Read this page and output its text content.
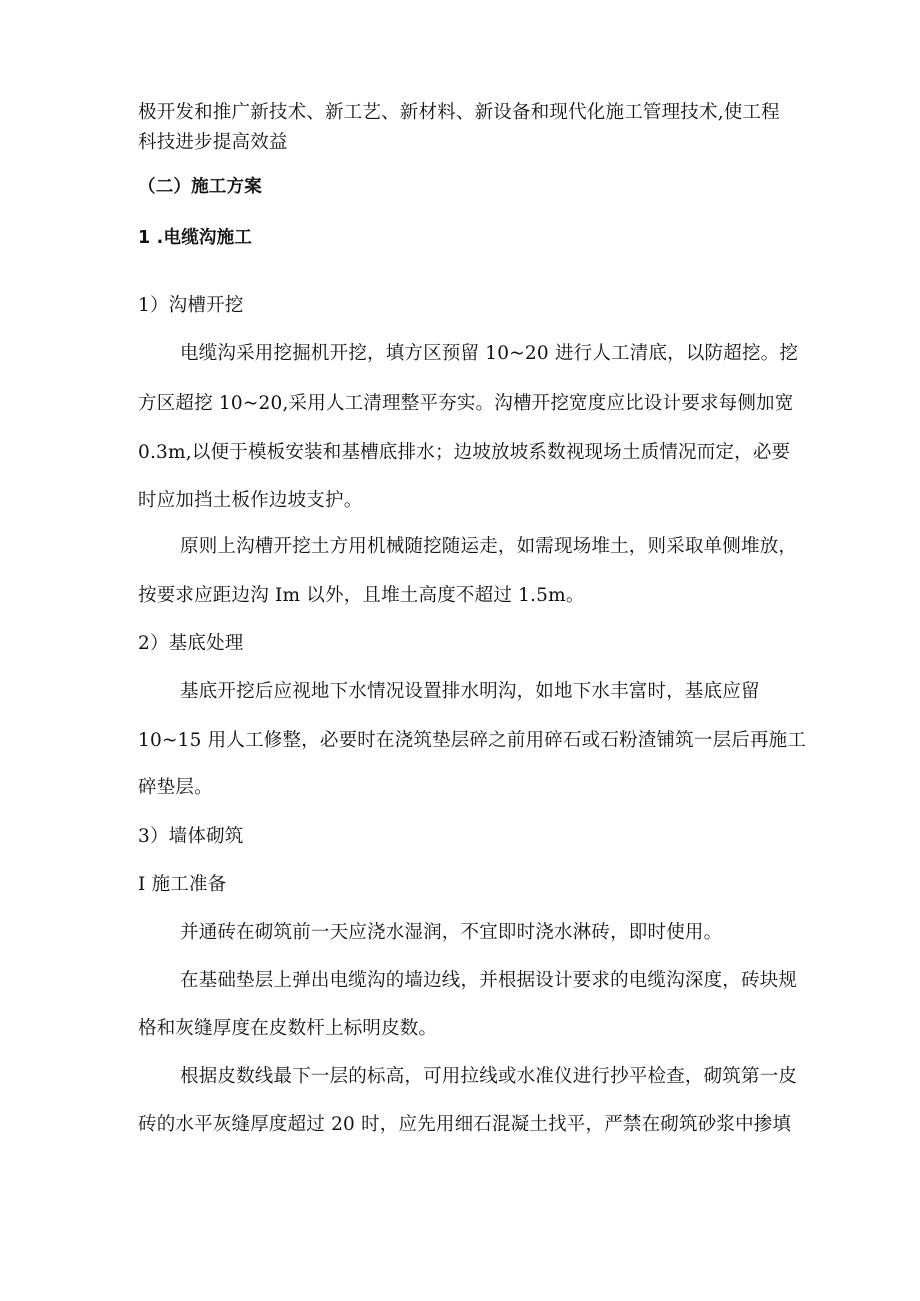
极开发和推广新技术、新工艺、新材料、新设备和现代化施工管理技术,使工程
科技进步提高效益
（二）施工方案
1 .电缆沟施工
1）沟槽开挖
电缆沟采用挖掘机开挖，填方区预留 10~20 进行人工清底，以防超挖。挖
方区超挖 10~20,采用人工清理整平夯实。沟槽开挖宽度应比设计要求每侧加宽
0.3m,以便于模板安装和基槽底排水；边坡放坡系数视现场土质情况而定，必要
时应加挡土板作边坡支护。
原则上沟槽开挖土方用机械随挖随运走，如需现场堆土，则采取单侧堆放，
按要求应距边沟 Im 以外，且堆土高度不超过 1.5m。
2）基底处理
基底开挖后应视地下水情况设置排水明沟，如地下水丰富时，基底应留
10~15 用人工修整，必要时在浇筑垫层碎之前用碎石或石粉渣铺筑一层后再施工
碎垫层。
3）墙体砌筑
I 施工准备
并通砖在砌筑前一天应浇水湿润，不宜即时浇水淋砖，即时使用。
在基础垫层上弹出电缆沟的墙边线，并根据设计要求的电缆沟深度，砖块规
格和灰缝厚度在皮数杆上标明皮数。
根据皮数线最下一层的标高，可用拉线或水准仪进行抄平检查，砌筑第一皮
砖的水平灰缝厚度超过 20 时，应先用细石混凝土找平，严禁在砌筑砂浆中掺填
